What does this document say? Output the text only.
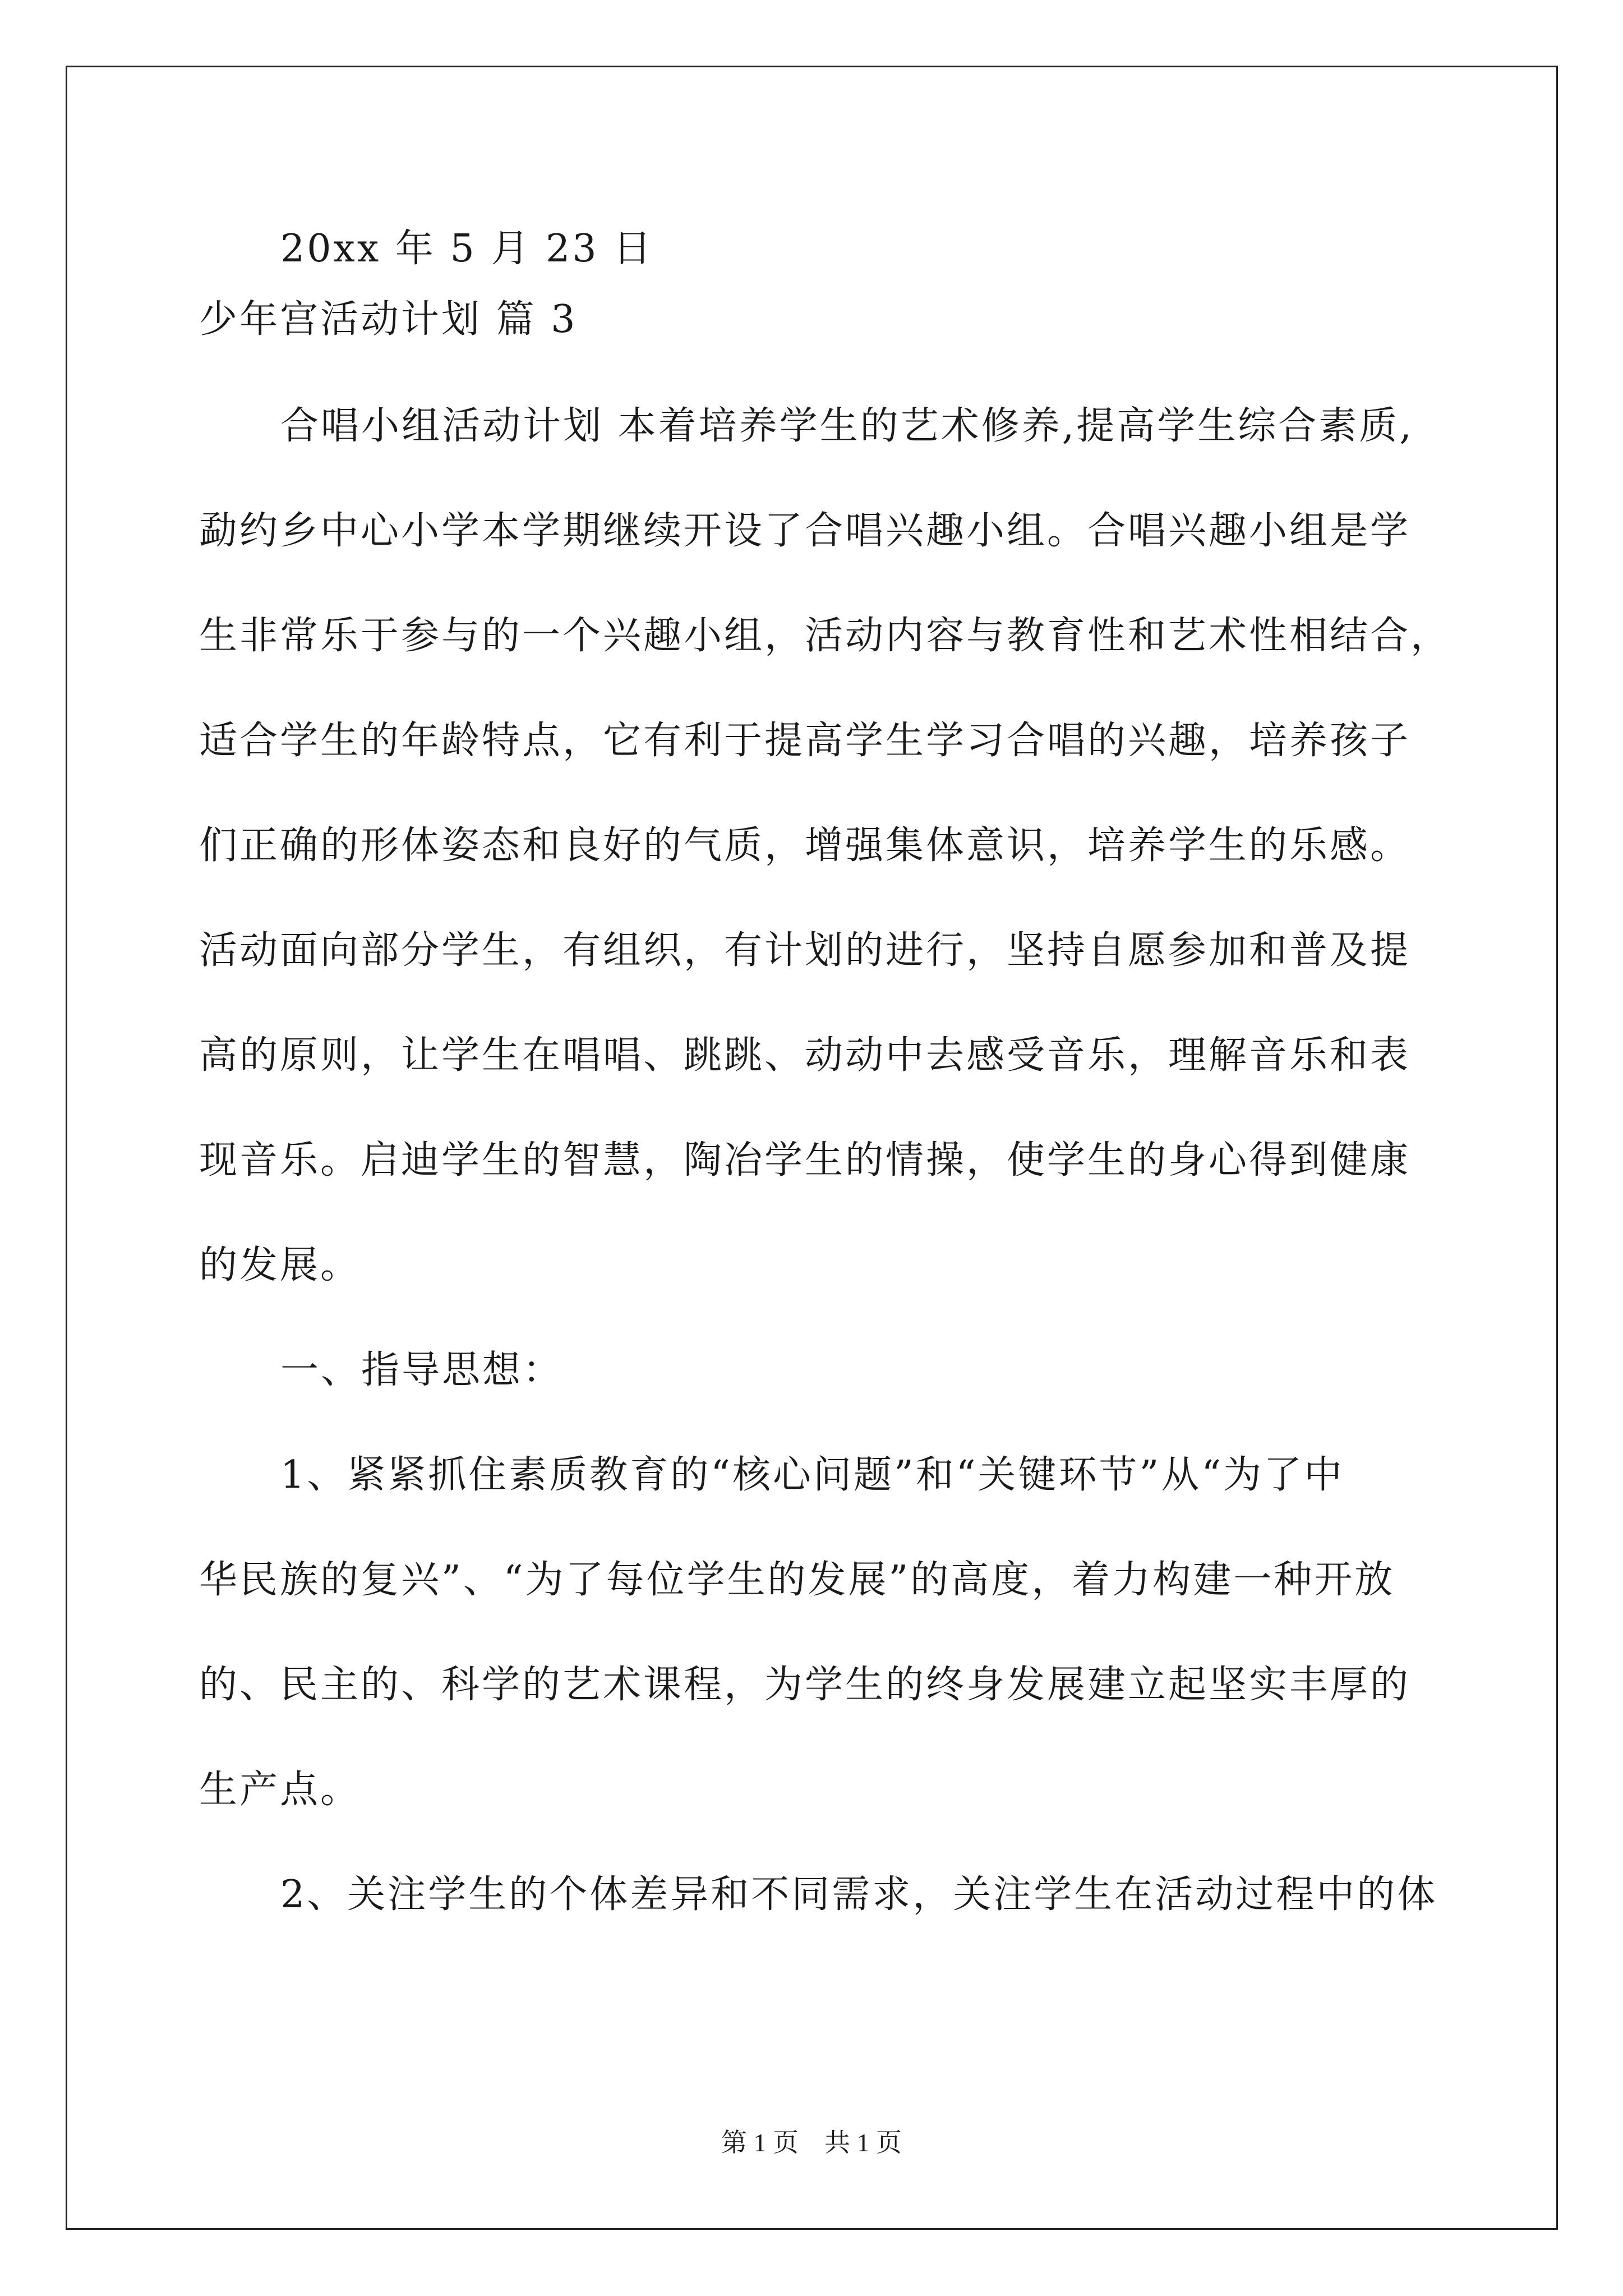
20xx 年 5 月 23 日
少年宫活动计划 篇 3
合唱小组活动计划 本着培养学生的艺术修养,提高学生综合素质,
勐约乡中心小学本学期继续开设了合唱兴趣小组。合唱兴趣小组是学
生非常乐于参与的一个兴趣小组，活动内容与教育性和艺术性相结合，
适合学生的年龄特点，它有利于提高学生学习合唱的兴趣，培养孩子
们正确的形体姿态和良好的气质，增强集体意识，培养学生的乐感。
活动面向部分学生，有组织，有计划的进行，坚持自愿参加和普及提
高的原则，让学生在唱唱、跳跳、动动中去感受音乐，理解音乐和表
现音乐。启迪学生的智慧，陶冶学生的情操，使学生的身心得到健康
的发展。
一、指导思想：
1、紧紧抓住素质教育的“核心问题”和“关键环节”从“为了中
华民族的复兴”、“为了每位学生的发展”的高度，着力构建一种开放
的、民主的、科学的艺术课程，为学生的终身发展建立起坚实丰厚的
生产点。
2、关注学生的个体差异和不同需求，关注学生在活动过程中的体
第 1 页　共 1 页
